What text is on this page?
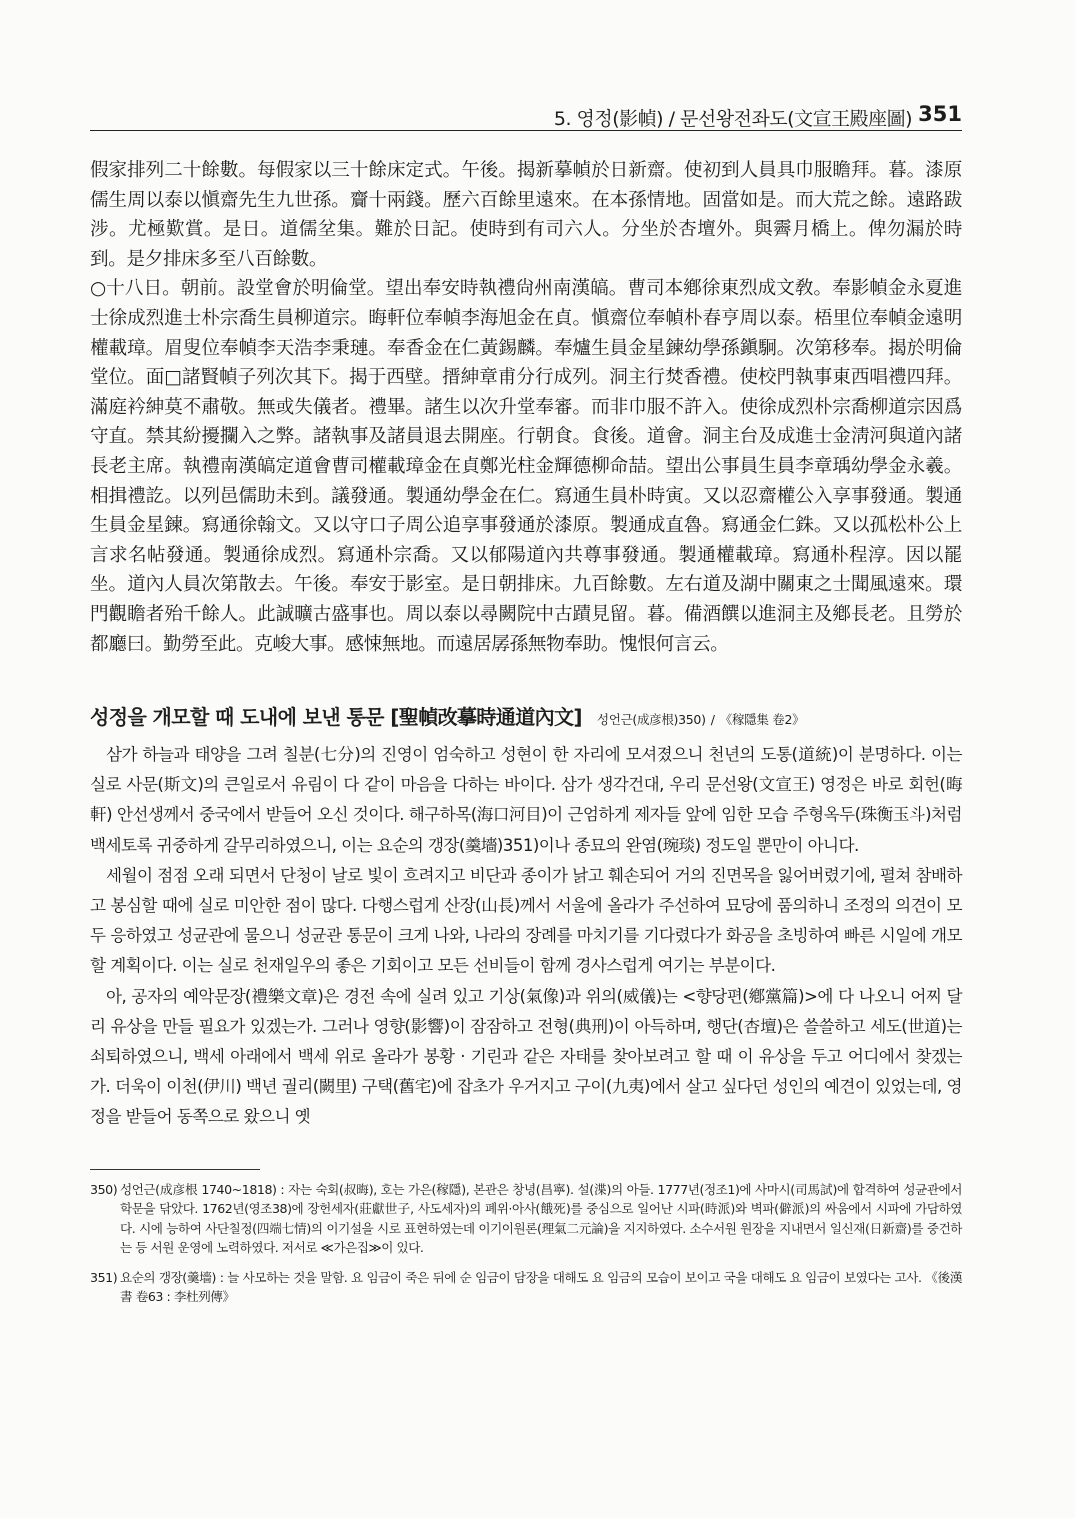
5. 영정(影幀) / 문선왕전좌도(文宣王殿座圖) 351

假家排列二十餘數。每假家以三十餘床定式。午後。揭新摹幀於日新齋。使初到人員具巾服瞻拜。暮。漆原儒生周以泰以愼齋先生九世孫。齎十兩錢。歷六百餘里遠來。在本孫情地。固當如是。而大荒之餘。遠路跋涉。尤極歎賞。是日。道儒坌集。難於日記。使時到有司六人。分坐於杏壇外。與霽月橋上。俾勿漏於時到。是夕排床多至八百餘數。

○十八日。朝前。設堂會於明倫堂。望出奉安時執禮尙州南漢皜。曹司本鄕徐東烈成文敎。奉影幀金永夏進士徐成烈進士朴宗喬生員柳道宗。晦軒位奉幀李海旭金在貞。愼齋位奉幀朴春亨周以泰。梧里位奉幀金遠明權載璋。眉叟位奉幀李天浩李秉璉。奉香金在仁黃錫麟。奉爐生員金星鍊幼學孫鎭駉。次第移奉。揭於明倫堂位。面□諸賢幀子列次其下。揭于西壁。搢紳章甫分行成列。洞主行焚香禮。使校門執事東西唱禮四拜。滿庭衿紳莫不肅敬。無或失儀者。禮畢。諸生以次升堂奉審。而非巾服不許入。使徐成烈朴宗喬柳道宗因爲守直。禁其紛擾攔入之弊。諸執事及諸員退去開座。行朝食。食後。道會。洞主台及成進士金淸河與道內諸長老主席。執禮南漢皜定道會曹司權載璋金在貞鄭光柱金輝德柳命喆。望出公事員生員李章瑀幼學金永羲。相揖禮訖。以列邑儒助未到。議發通。製通幼學金在仁。寫通生員朴時寅。又以忍齋權公入享事發通。製通生員金星鍊。寫通徐翰文。又以守口子周公追享事發通於漆原。製通成直魯。寫通金仁銖。又以孤松朴公上言求名帖發通。製通徐成烈。寫通朴宗喬。又以郁陽道內共尊事發通。製通權載璋。寫通朴程淳。因以罷坐。道內人員次第散去。午後。奉安于影室。是日朝排床。九百餘數。左右道及湖中關東之士聞風遠來。環門觀瞻者殆千餘人。此誠曠古盛事也。周以泰以尋闕院中古蹟見留。暮。備酒饌以進洞主及鄕長老。且勞於都廳曰。勤勞至此。克峻大事。感悚無地。而遠居孱孫無物奉助。愧恨何言云。

성정을 개모할 때 도내에 보낸 통문 [聖幀改摹時通道內文] 성언근(成彦根)350) / 《稼隱集 卷2》

삼가 하늘과 태양을 그려 칠분(七分)의 진영이 엄숙하고 성현이 한 자리에 모셔졌으니 천년의 도통(道統)이 분명하다. 이는 실로 사문(斯文)의 큰일로서 유림이 다 같이 마음을 다하는 바이다. 삼가 생각건대, 우리 문선왕(文宣王) 영정은 바로 회헌(晦軒) 안선생께서 중국에서 받들어 오신 것이다. 해구하목(海口河目)이 근엄하게 제자들 앞에 임한 모습 주형옥두(珠衡玉斗)처럼 백세토록 귀중하게 갈무리하였으니, 이는 요순의 갱장(羹墻)351)이나 종묘의 완염(琬琰) 정도일 뿐만이 아니다.

세월이 점점 오래 되면서 단청이 날로 빛이 흐려지고 비단과 종이가 낡고 훼손되어 거의 진면목을 잃어버렸기에, 펼쳐 참배하고 봉심할 때에 실로 미안한 점이 많다. 다행스럽게 산장(山長)께서 서울에 올라가 주선하여 묘당에 품의하니 조정의 의견이 모두 응하였고 성균관에 물으니 성균관 통문이 크게 나와, 나라의 장례를 마치기를 기다렸다가 화공을 초빙하여 빠른 시일에 개모할 계획이다. 이는 실로 천재일우의 좋은 기회이고 모든 선비들이 함께 경사스럽게 여기는 부분이다.

아, 공자의 예악문장(禮樂文章)은 경전 속에 실려 있고 기상(氣像)과 위의(威儀)는 <향당편(鄕黨篇)>에 다 나오니 어찌 달리 유상을 만들 필요가 있겠는가. 그러나 영향(影響)이 잠잠하고 전형(典刑)이 아득하며, 행단(杏壇)은 쓸쓸하고 세도(世道)는 쇠퇴하였으니, 백세 아래에서 백세 위로 올라가 봉황 · 기린과 같은 자태를 찾아보려고 할 때 이 유상을 두고 어디에서 찾겠는가. 더욱이 이천(伊川) 백년 궐리(闕里) 구택(舊宅)에 잡초가 우거지고 구이(九夷)에서 살고 싶다던 성인의 예견이 있었는데, 영정을 받들어 동쪽으로 왔으니 옛

350) 성언근(成彦根 1740~1818) : 자는 숙회(叔晦), 호는 가은(稼隱), 본관은 창녕(昌寧). 설(渫)의 아들. 1777년(정조1)에 사마시(司馬試)에 합격하여 성균관에서 학문을 닦았다. 1762년(영조38)에 장헌세자(莊獻世子, 사도세자)의 폐위·아사(餓死)를 중심으로 일어난 시파(時派)와 벽파(僻派)의 싸움에서 시파에 가담하였다. 시에 능하여 사단칠정(四端七情)의 이기설을 시로 표현하였는데 이기이원론(理氣二元論)을 지지하였다. 소수서원 원장을 지내면서 일신재(日新齋)를 중건하는 등 서원 운영에 노력하였다. 저서로 ≪가은집≫이 있다.
351) 요순의 갱장(羹墻) : 늘 사모하는 것을 말함. 요 임금이 죽은 뒤에 순 임금이 담장을 대해도 요 임금의 모습이 보이고 국을 대해도 요 임금이 보였다는 고사. 《後漢書 卷63 : 李杜列傳》
